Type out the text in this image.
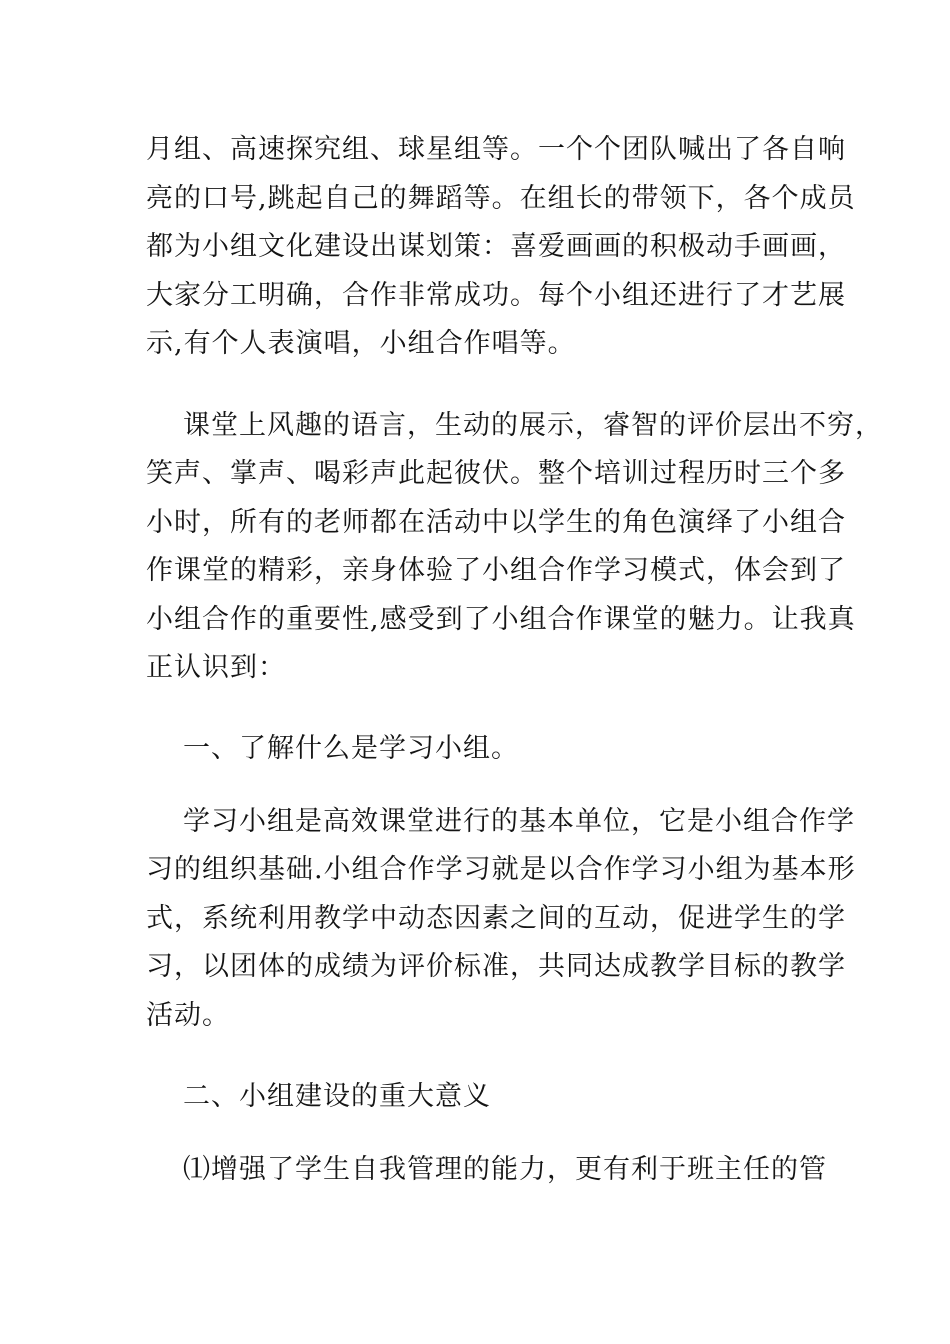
月组、高速探究组、球星组等。一个个团队喊出了各自响
亮的口号,跳起自己的舞蹈等。在组长的带领下，各个成员
都为小组文化建设出谋划策：喜爱画画的积极动手画画，
大家分工明确，合作非常成功。每个小组还进行了才艺展
示,有个人表演唱，小组合作唱等。
课堂上风趣的语言，生动的展示，睿智的评价层出不穷，
笑声、掌声、喝彩声此起彼伏。整个培训过程历时三个多
小时，所有的老师都在活动中以学生的角色演绎了小组合
作课堂的精彩，亲身体验了小组合作学习模式，体会到了
小组合作的重要性,感受到了小组合作课堂的魅力。让我真
正认识到：
一、了解什么是学习小组。
学习小组是高效课堂进行的基本单位，它是小组合作学
习的组织基础.小组合作学习就是以合作学习小组为基本形
式，系统利用教学中动态因素之间的互动，促进学生的学
习，以团体的成绩为评价标准，共同达成教学目标的教学
活动。
二、小组建设的重大意义
⑴增强了学生自我管理的能力，更有利于班主任的管
